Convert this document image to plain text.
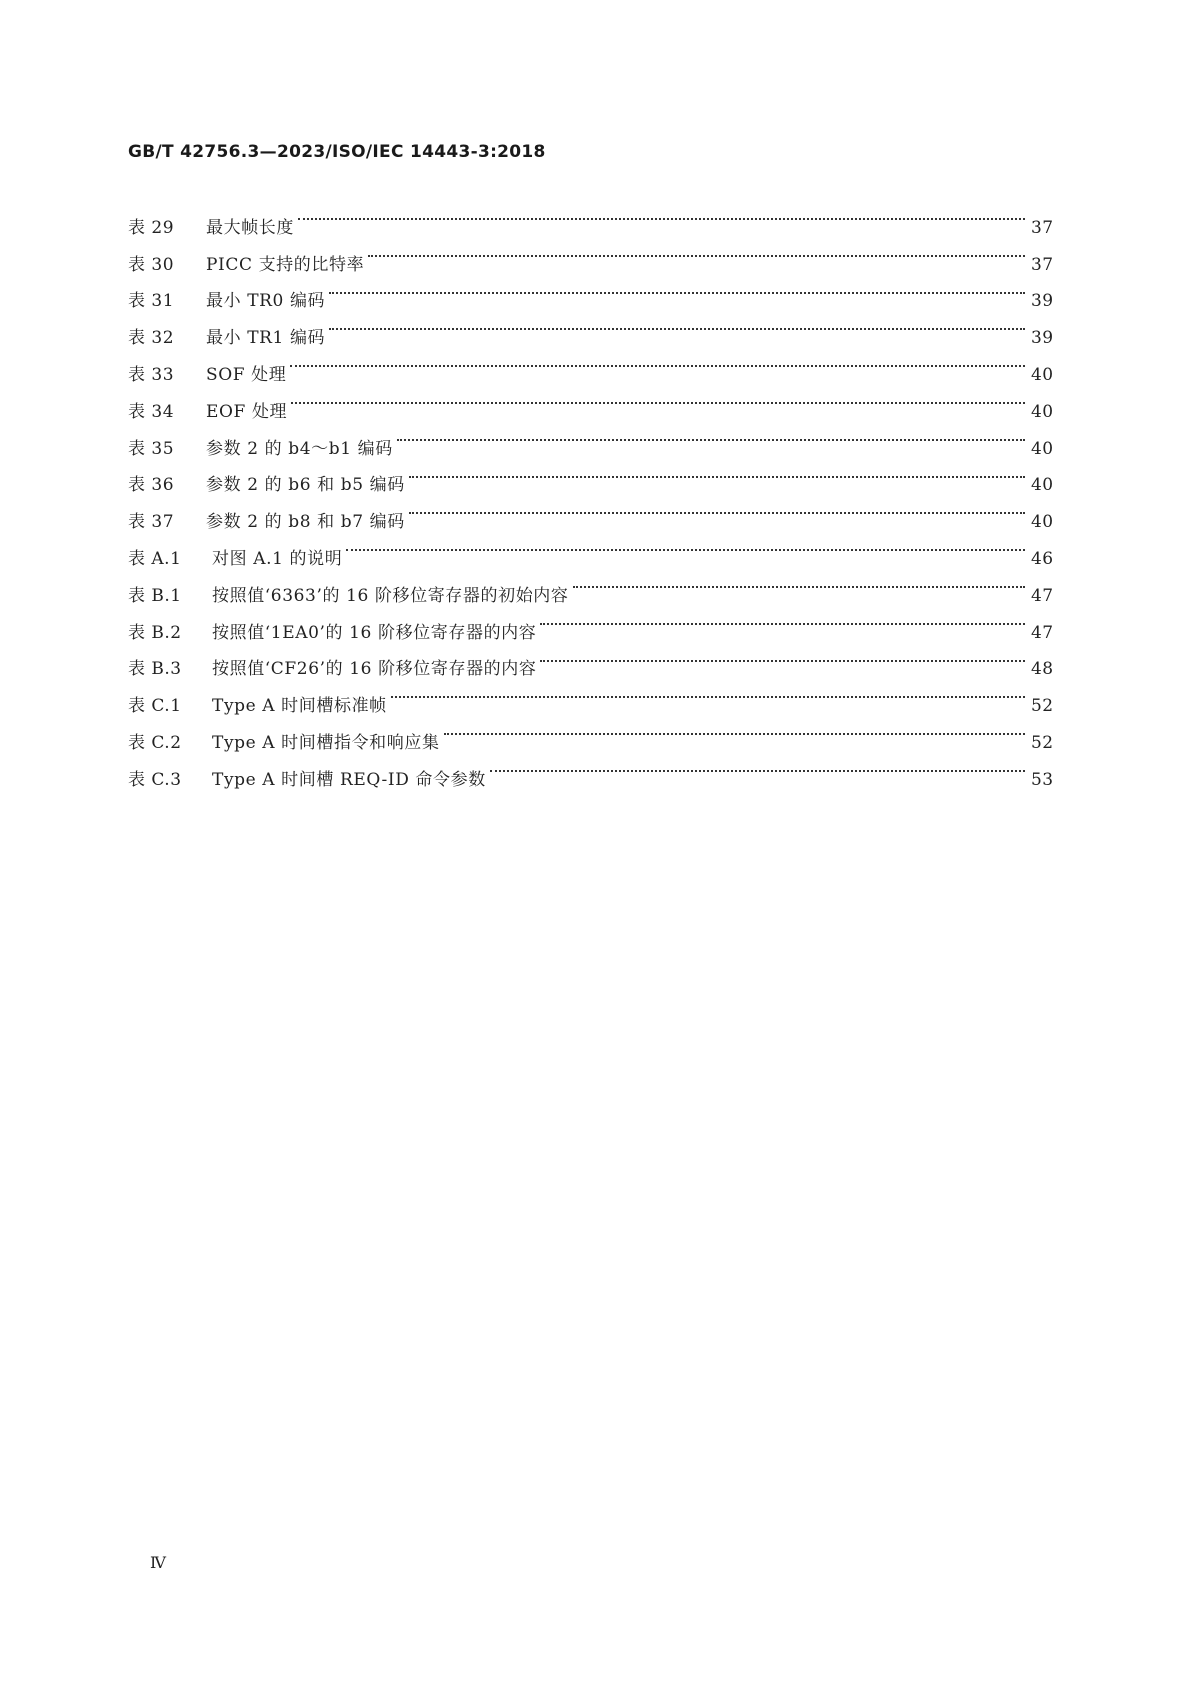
GB/T 42756.3—2023/ISO/IEC 14443-3:2018
表 29	最大帧长度	37
表 30	PICC 支持的比特率	37
表 31	最小 TR0 编码	39
表 32	最小 TR1 编码	39
表 33	SOF 处理	40
表 34	EOF 处理	40
表 35	参数 2 的 b4～b1 编码	40
表 36	参数 2 的 b6 和 b5 编码	40
表 37	参数 2 的 b8 和 b7 编码	40
表 A.1	对图 A.1 的说明	46
表 B.1	按照值‘6363’的 16 阶移位寄存器的初始内容	47
表 B.2	按照值‘1EA0’的 16 阶移位寄存器的内容	47
表 B.3	按照值‘CF26’的 16 阶移位寄存器的内容	48
表 C.1	Type A 时间槽标准帧	52
表 C.2	Type A 时间槽指令和响应集	52
表 C.3	Type A 时间槽 REQ-ID 命令参数	53
Ⅳ
